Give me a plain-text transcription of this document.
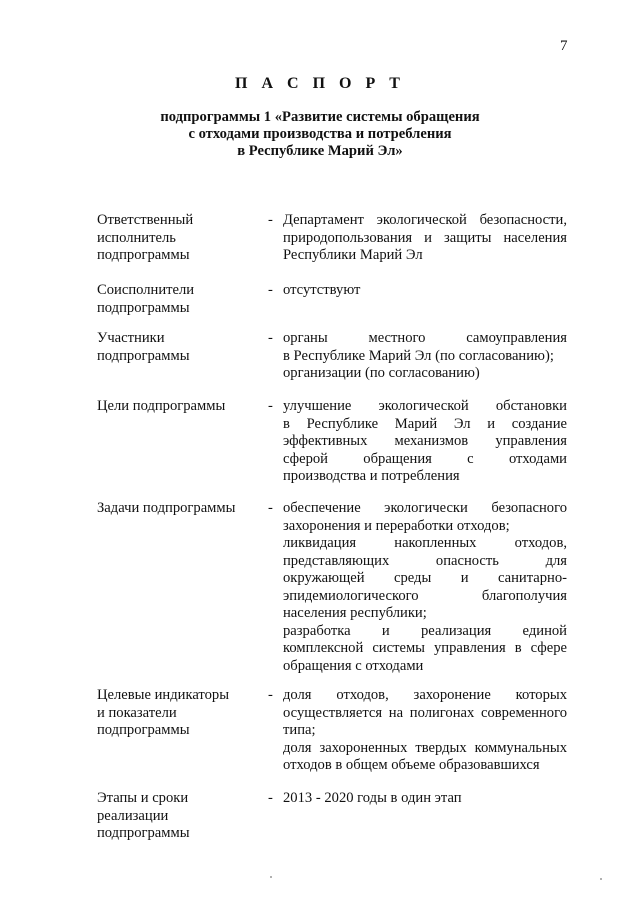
7
П А С П О Р Т
подпрограммы 1 «Развитие системы обращения
с отходами производства и потребления
в Республике Марий Эл»
Ответственный
исполнитель
подпрограммы
- Департамент экологической безопасности,
природопользования и защиты населения
Республики Марий Эл
Соисполнители
подпрограммы
- отсутствуют
Участники
подпрограммы
- органы местного самоуправления
в Республике Марий Эл (по согласованию);
организации (по согласованию)
Цели подпрограммы	- улучшение экологической обстановки
в Республике Марий Эл и создание
эффективных механизмов управления
сферой обращения с отходами
производства и потребления
Задачи подпрограммы	- обеспечение экологически безопасного
захоронения и переработки отходов;
ликвидация накопленных отходов,
представляющих опасность для
окружающей среды и санитарно-
эпидемиологического благополучия
населения республики;
разработка и реализация единой
комплексной системы управления в сфере
обращения с отходами
Целевые индикаторы
и показатели
подпрограммы
- доля отходов, захоронение которых
осуществляется на полигонах современного
типа;
доля захороненных твердых коммунальных
отходов в общем объеме образовавшихся
Этапы и сроки
реализации
подпрограммы
- 2013 - 2020 годы в один этап
